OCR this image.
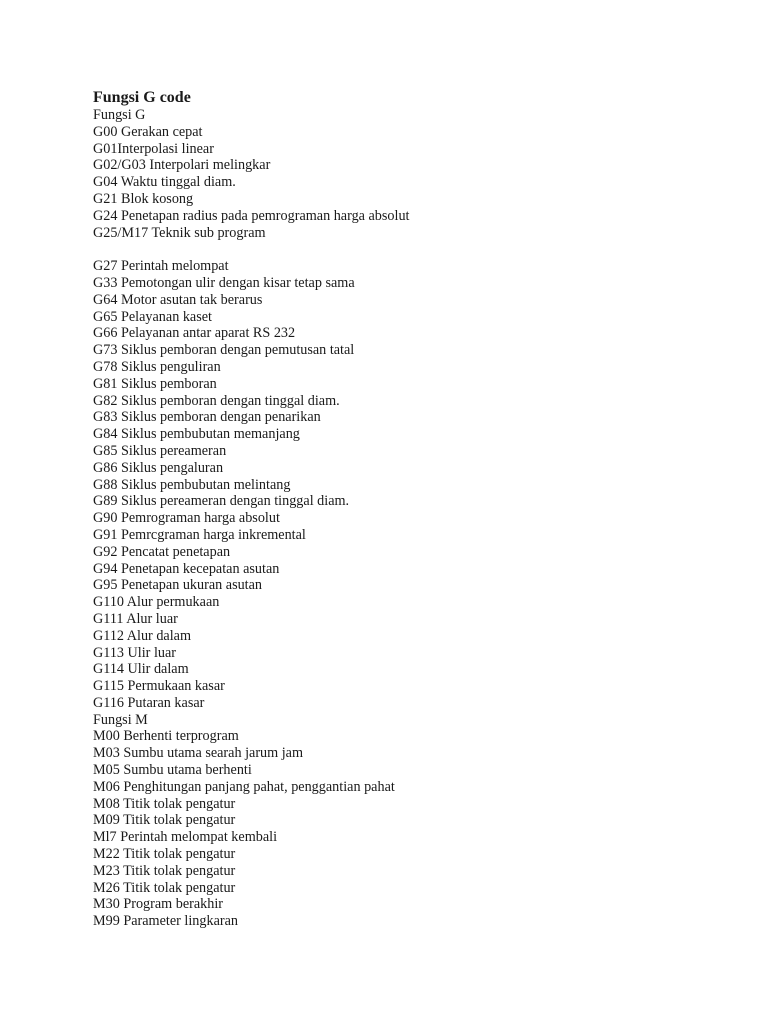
Fungsi G code
Fungsi G
G00 Gerakan cepat
G01Interpolasi linear
G02/G03 Interpolari melingkar
G04 Waktu tinggal diam.
G21 Blok kosong
G24 Penetapan radius pada pemrograman harga absolut
G25/M17 Teknik sub program
G27 Perintah melompat
G33 Pemotongan ulir dengan kisar tetap sama
G64 Motor asutan tak berarus
G65 Pelayanan kaset
G66 Pelayanan antar aparat RS 232
G73 Siklus pemboran dengan pemutusan tatal
G78 Siklus penguliran
G81 Siklus pemboran
G82 Siklus pemboran dengan tinggal diam.
G83 Siklus pemboran dengan penarikan
G84 Siklus pembubutan memanjang
G85 Siklus pereameran
G86 Siklus pengaluran
G88 Siklus pembubutan melintang
G89 Siklus pereameran dengan tinggal diam.
G90 Pemrograman harga absolut
G91 Pemrcgraman harga inkremental
G92 Pencatat penetapan
G94 Penetapan kecepatan asutan
G95 Penetapan ukuran asutan
G110 Alur permukaan
G111 Alur luar
G112 Alur dalam
G113 Ulir luar
G114 Ulir dalam
G115 Permukaan kasar
G116 Putaran kasar
Fungsi M
M00 Berhenti terprogram
M03 Sumbu utama searah jarum jam
M05 Sumbu utama berhenti
M06 Penghitungan panjang pahat, penggantian pahat
M08 Titik tolak pengatur
M09 Titik tolak pengatur
Ml7 Perintah melompat kembali
M22 Titik tolak pengatur
M23 Titik tolak pengatur
M26 Titik tolak pengatur
M30 Program berakhir
M99 Parameter lingkaran
